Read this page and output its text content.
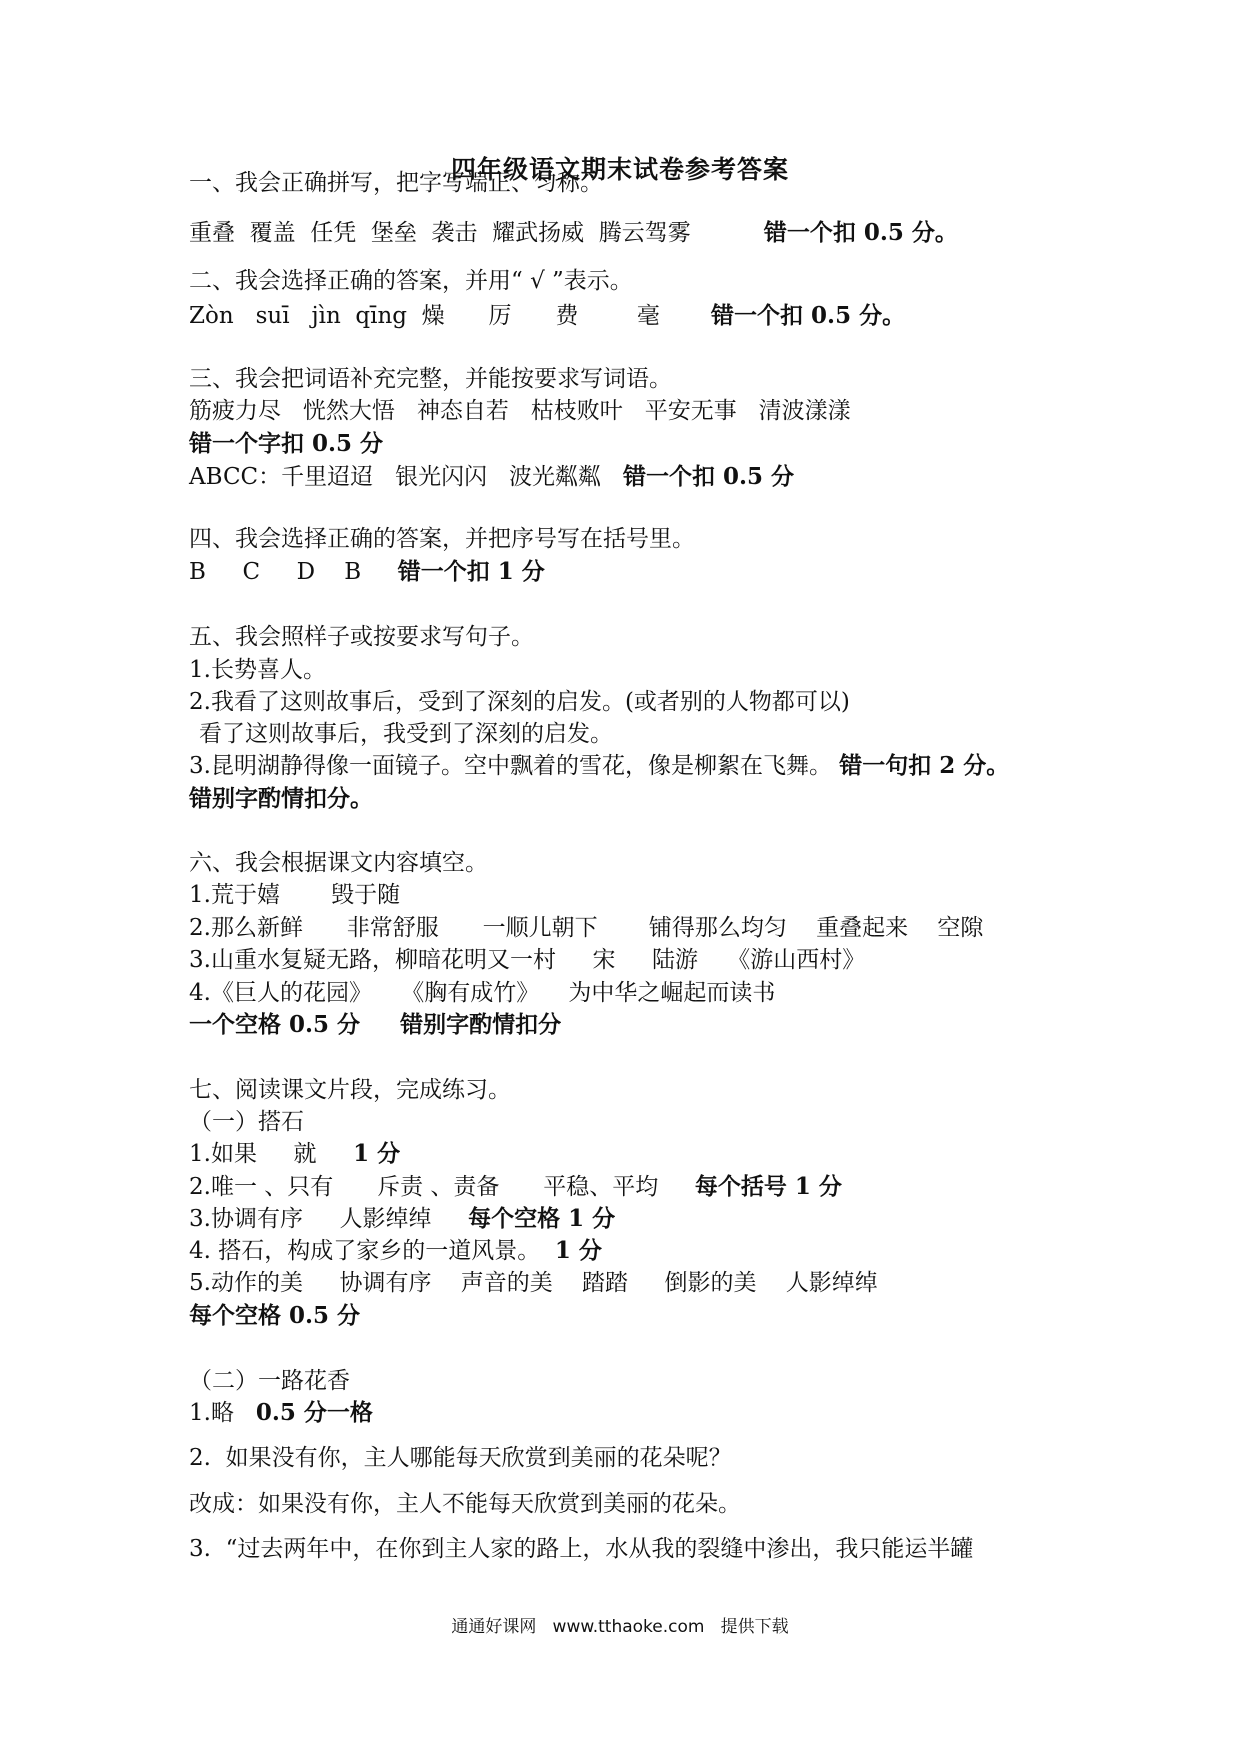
四年级语文期末试卷参考答案
一、我会正确拼写，把字写端正、匀称。
重叠  覆盖  任凭  堡垒  袭击  耀武扬威  腾云驾雾          错一个扣 0.5 分。
二、我会选择正确的答案，并用“ √ ”表示。
Zòn   suī   jìn  qīng  燥      厉      费        毫       错一个扣 0.5 分。
三、我会把词语补充完整，并能按要求写词语。
筋疲力尽   恍然大悟   神态自若   枯枝败叶   平安无事   清波漾漾
错一个字扣 0.5 分
ABCC：千里迢迢   银光闪闪   波光粼粼   错一个扣 0.5 分
四、我会选择正确的答案，并把序号写在括号里。
B     C     D    B     错一个扣 1 分
五、我会照样子或按要求写句子。
1.长势喜人。
2.我看了这则故事后，受到了深刻的启发。(或者别的人物都可以)
看了这则故事后，我受到了深刻的启发。
3.昆明湖静得像一面镜子。空中飘着的雪花，像是柳絮在飞舞。 错一句扣 2 分。
错别字酌情扣分。
六、我会根据课文内容填空。
1.荒于嬉       毁于随
2.那么新鲜      非常舒服      一顺儿朝下       铺得那么均匀    重叠起来    空隙
3.山重水复疑无路，柳暗花明又一村     宋     陆游    《游山西村》
4.《巨人的花园》    《胸有成竹》    为中华之崛起而读书
一个空格 0.5 分     错别字酌情扣分
七、阅读课文片段，完成练习。
（一）搭石
1.如果     就     1 分
2.唯一 、只有      斥责 、责备      平稳、平均     每个括号 1 分
3.协调有序     人影绰绰     每个空格 1 分
4. 搭石，构成了家乡的一道风景。  1 分
5.动作的美     协调有序    声音的美    踏踏     倒影的美    人影绰绰
每个空格 0.5 分
（二）一路花香
1.略   0.5 分一格
2.  如果没有你，主人哪能每天欣赏到美丽的花朵呢？
改成：如果没有你，主人不能每天欣赏到美丽的花朵。
3.  “过去两年中，在你到主人家的路上，水从我的裂缝中渗出，我只能运半罐
通通好课网   www.tthaoke.com   提供下载
